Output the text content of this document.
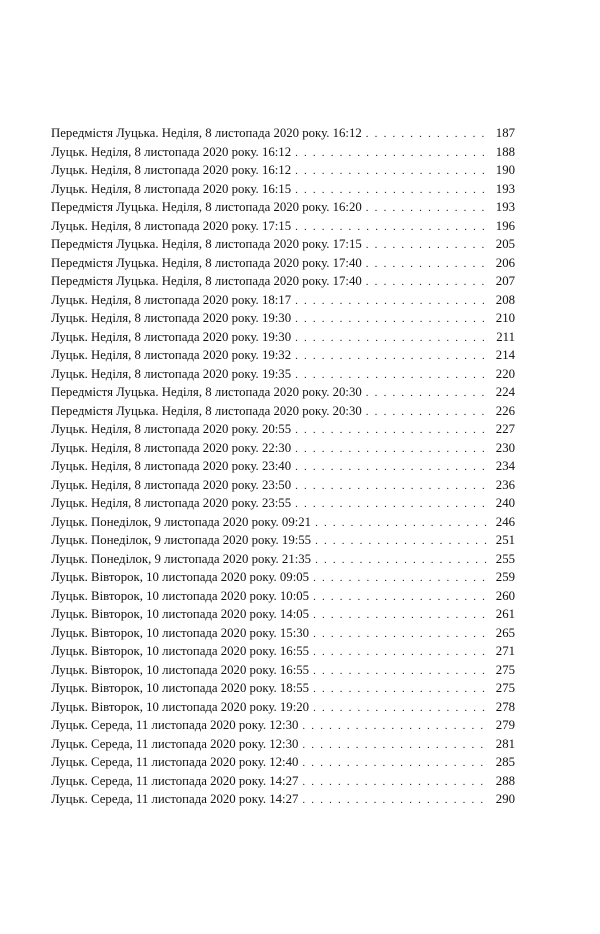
Передмістя Луцька. Неділя, 8 листопада 2020 року. 16:12 . . .	187
Луцьк. Неділя, 8 листопада 2020 року. 16:12 . . .	188
Луцьк. Неділя, 8 листопада 2020 року. 16:12 . . .	190
Луцьк. Неділя, 8 листопада 2020 року. 16:15 . . .	193
Передмістя Луцька. Неділя, 8 листопада 2020 року. 16:20 . . .	193
Луцьк. Неділя, 8 листопада 2020 року. 17:15 . . .	196
Передмістя Луцька. Неділя, 8 листопада 2020 року. 17:15 . . .	205
Передмістя Луцька. Неділя, 8 листопада 2020 року. 17:40 . . .	206
Передмістя Луцька. Неділя, 8 листопада 2020 року. 17:40 . . .	207
Луцьк. Неділя, 8 листопада 2020 року. 18:17 . . .	208
Луцьк. Неділя, 8 листопада 2020 року. 19:30 . . .	210
Луцьк. Неділя, 8 листопада 2020 року. 19:30 . . .	211
Луцьк. Неділя, 8 листопада 2020 року. 19:32 . . .	214
Луцьк. Неділя, 8 листопада 2020 року. 19:35 . . .	220
Передмістя Луцька. Неділя, 8 листопада 2020 року. 20:30 . . .	224
Передмістя Луцька. Неділя, 8 листопада 2020 року. 20:30 . . .	226
Луцьк. Неділя, 8 листопада 2020 року. 20:55 . . .	227
Луцьк. Неділя, 8 листопада 2020 року. 22:30 . . .	230
Луцьк. Неділя, 8 листопада 2020 року. 23:40 . . .	234
Луцьк. Неділя, 8 листопада 2020 року. 23:50 . . .	236
Луцьк. Неділя, 8 листопада 2020 року. 23:55 . . .	240
Луцьк. Понеділок, 9 листопада 2020 року. 09:21 . . .	246
Луцьк. Понеділок, 9 листопада 2020 року. 19:55 . . .	251
Луцьк. Понеділок, 9 листопада 2020 року. 21:35 . . .	255
Луцьк. Вівторок, 10 листопада 2020 року. 09:05 . . .	259
Луцьк. Вівторок, 10 листопада 2020 року. 10:05 . . .	260
Луцьк. Вівторок, 10 листопада 2020 року. 14:05 . . .	261
Луцьк. Вівторок, 10 листопада 2020 року. 15:30 . . .	265
Луцьк. Вівторок, 10 листопада 2020 року. 16:55 . . .	271
Луцьк. Вівторок, 10 листопада 2020 року. 16:55 . . .	275
Луцьк. Вівторок, 10 листопада 2020 року. 18:55 . . .	275
Луцьк. Вівторок, 10 листопада 2020 року. 19:20 . . .	278
Луцьк. Середа, 11 листопада 2020 року. 12:30 . . .	279
Луцьк. Середа, 11 листопада 2020 року. 12:30 . . .	281
Луцьк. Середа, 11 листопада 2020 року. 12:40 . . .	285
Луцьк. Середа, 11 листопада 2020 року. 14:27 . . .	288
Луцьк. Середа, 11 листопада 2020 року. 14:27 . . .	290
